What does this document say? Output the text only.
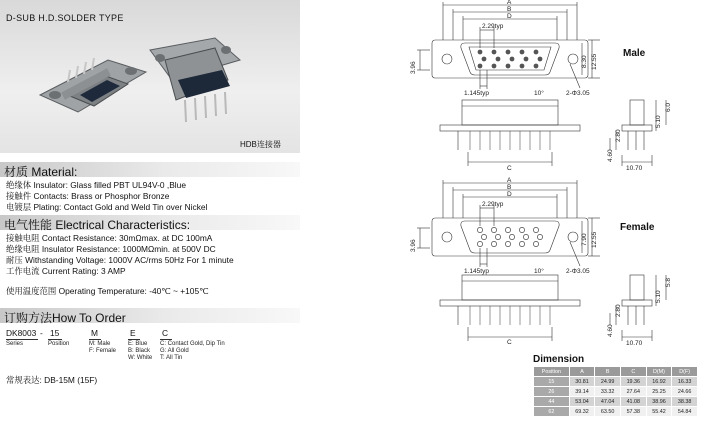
D-SUB H.D.SOLDER TYPE
HDB连接器
材质 Material:
绝缘体 Insulator: Glass filled PBT UL94V-0 ,Blue
接触件 Contacts: Brass or Phosphor Bronze
电镀层 Plating: Contact Gold and Weld Tin over Nickel
电气性能 Electrical Characteristics:
接触电阻 Contact Resistance: 30mΩmax. at DC 100mA
绝缘电阻 Insulator Resistance: 1000MΩmin. at 500V DC
耐压 Withstanding Voltage: 1000V AC/rms 50Hz For 1 minute
工作电流 Current Rating: 3 AMP
使用温度范围 Operating Temperature: -40℃ ~ +105℃
订购方法How To Order
DK8003 - 15	M	E	C
Series	Position	M: Male
F: Female
E: Blue
B: Black
W: White
C: Contact Gold, Dip Tin
G: All Gold
T: All Tin
常规表达: DB-15M (15F)
A
B
D
2.29typ
1.145typ	10°	2-Φ3.05
3.96	8.30 12.55
C
5.10
6.0
2.80
4.60
10.70
A
B
D
2.29typ
1.145typ	10°	2-Φ3.05
3.96	7.90 12.55
C
5.10
5.8
2.80
4.60
10.70
Male
Female
Dimension
Position	A	B	C	D(M)	D(F)
15	30.81	24.99	19.36	16.92	16.33
26	39.14	33.32	27.64	25.25	24.66
44	53.04	47.04	41.08	38.96	38.38
62	69.32	63.50	57.38	55.42	54.84
